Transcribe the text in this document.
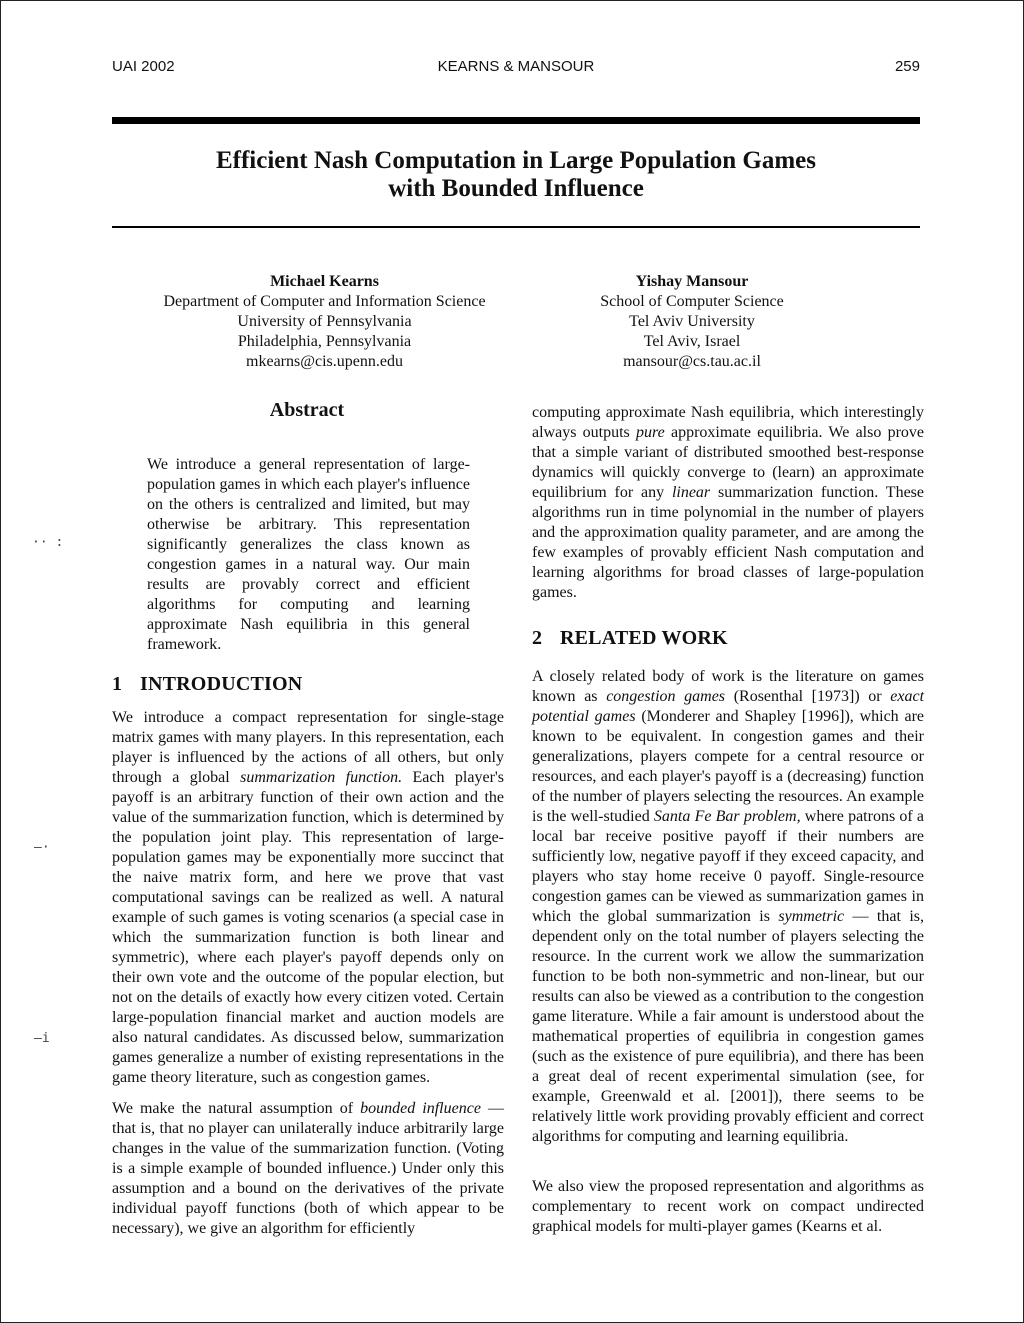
UAI 2002	KEARNS & MANSOUR	259
Efficient Nash Computation in Large Population Games
with Bounded Influence
Michael Kearns
Department of Computer and Information Science
University of Pennsylvania
Philadelphia, Pennsylvania
mkearns@cis.upenn.edu
Yishay Mansour
School of Computer Science
Tel Aviv University
Tel Aviv, Israel
mansour@cs.tau.ac.il
Abstract

We introduce a general representation of large-population games in which each player's influence on the others is centralized and limited, but may otherwise be arbitrary. This representation significantly generalizes the class known as congestion games in a natural way. Our main results are provably correct and efficient algorithms for computing and learning approximate Nash equilibria in this general framework.

1 INTRODUCTION

We introduce a compact representation for single-stage matrix games with many players. In this representation, each player is influenced by the actions of all others, but only through a global summarization function. Each player's payoff is an arbitrary function of their own action and the value of the summarization function, which is determined by the population joint play. This representation of large-population games may be exponentially more succinct that the naive matrix form, and here we prove that vast computational savings can be realized as well. A natural example of such games is voting scenarios (a special case in which the summarization function is both linear and symmetric), where each player's payoff depends only on their own vote and the outcome of the popular election, but not on the details of exactly how every citizen voted. Certain large-population financial market and auction models are also natural candidates. As discussed below, summarization games generalize a number of existing representations in the game theory literature, such as congestion games.

We make the natural assumption of bounded influence — that is, that no player can unilaterally induce arbitrarily large changes in the value of the summarization function. (Voting is a simple example of bounded influence.) Under only this assumption and a bound on the derivatives of the private individual payoff functions (both of which appear to be necessary), we give an algorithm for efficiently

computing approximate Nash equilibria, which interestingly always outputs pure approximate equilibria. We also prove that a simple variant of distributed smoothed best-response dynamics will quickly converge to (learn) an approximate equilibrium for any linear summarization function. These algorithms run in time polynomial in the number of players and the approximation quality parameter, and are among the few examples of provably efficient Nash computation and learning algorithms for broad classes of large-population games.

2 RELATED WORK

A closely related body of work is the literature on games known as congestion games (Rosenthal [1973]) or exact potential games (Monderer and Shapley [1996]), which are known to be equivalent. In congestion games and their generalizations, players compete for a central resource or resources, and each player's payoff is a (decreasing) function of the number of players selecting the resources. An example is the well-studied Santa Fe Bar problem, where patrons of a local bar receive positive payoff if their numbers are sufficiently low, negative payoff if they exceed capacity, and players who stay home receive 0 payoff. Single-resource congestion games can be viewed as summarization games in which the global summarization is symmetric — that is, dependent only on the total number of players selecting the resource. In the current work we allow the summarization function to be both non-symmetric and non-linear, but our results can also be viewed as a contribution to the congestion game literature. While a fair amount is understood about the mathematical properties of equilibria in congestion games (such as the existence of pure equilibria), and there has been a great deal of recent experimental simulation (see, for example, Greenwald et al. [2001]), there seems to be relatively little work providing provably efficient and correct algorithms for computing and learning equilibria.

We also view the proposed representation and algorithms as complementary to recent work on compact undirected graphical models for multi-player games (Kearns et al.

·· :
—·
—i
